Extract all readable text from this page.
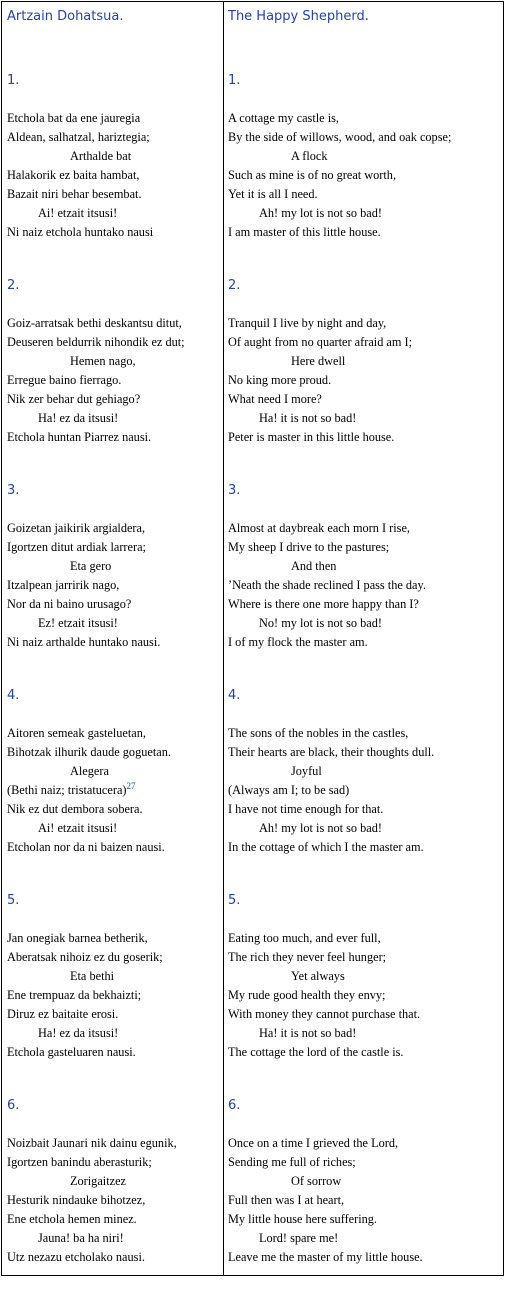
Artzain Dohatsua.
1.
Etchola bat da ene jauregia
Aldean, salhatzal, hariztegia;
Arthalde bat
Halakorik ez baita hambat,
Bazait niri behar besembat.
Ai! etzait itsusi!
Ni naiz etchola huntako nausi
2.
Goiz-arratsak bethi deskantsu ditut,
Deuseren beldurrik nihondik ez dut;
Hemen nago,
Erregue baino fierrago.
Nik zer behar dut gehiago?
Ha! ez da itsusi!
Etchola huntan Piarrez nausi.
3.
Goizetan jaikirik argialdera,
Igortzen ditut ardiak larrera;
Eta gero
Itzalpean jarririk nago,
Nor da ni baino urusago?
Ez! etzait itsusi!
Ni naiz arthalde huntako nausi.
4.
Aitoren semeak gasteluetan,
Bihotzak ilhurik daude goguetan.
Alegera
(Bethi naiz; tristatucera)$^{27}$
Nik ez dut dembora sobera.
Ai! etzait itsusi!
Etcholan nor da ni baizen nausi.
5.
Jan onegiak barnea betherik,
Aberatsak nihoiz ez du goserik;
Eta bethi
Ene trempuaz da bekhaizti;
Diruz ez baitaite erosi.
Ha! ez da itsusi!
Etchola gasteluaren nausi.
6.
Noizbait Jaunari nik dainu egunik,
Igortzen banindu aberasturik;
Zorigaitzez
Hesturik nindauke bihotzez,
Ene etchola hemen minez.
Jauna! ba ha niri!
Utz nezazu etcholako nausi.
The Happy Shepherd.
1.
A cottage my castle is,
By the side of willows, wood, and oak copse;
A flock
Such as mine is of no great worth,
Yet it is all I need.
Ah! my lot is not so bad!
I am master of this little house.
2.
Tranquil I live by night and day,
Of aught from no quarter afraid am I;
Here dwell
No king more proud.
What need I more?
Ha! it is not so bad!
Peter is master in this little house.
3.
Almost at daybreak each morn I rise,
My sheep I drive to the pastures;
And then
’Neath the shade reclined I pass the day.
Where is there one more happy than I?
No! my lot is not so bad!
I of my flock the master am.
4.
The sons of the nobles in the castles,
Their hearts are black, their thoughts dull.
Joyful
(Always am I; to be sad)
I have not time enough for that.
Ah! my lot is not so bad!
In the cottage of which I the master am.
5.
Eating too much, and ever full,
The rich they never feel hunger;
Yet always
My rude good health they envy;
With money they cannot purchase that.
Ha! it is not so bad!
The cottage the lord of the castle is.
6.
Once on a time I grieved the Lord,
Sending me full of riches;
Of sorrow
Full then was I at heart,
My little house here suffering.
Lord! spare me!
Leave me the master of my little house.
